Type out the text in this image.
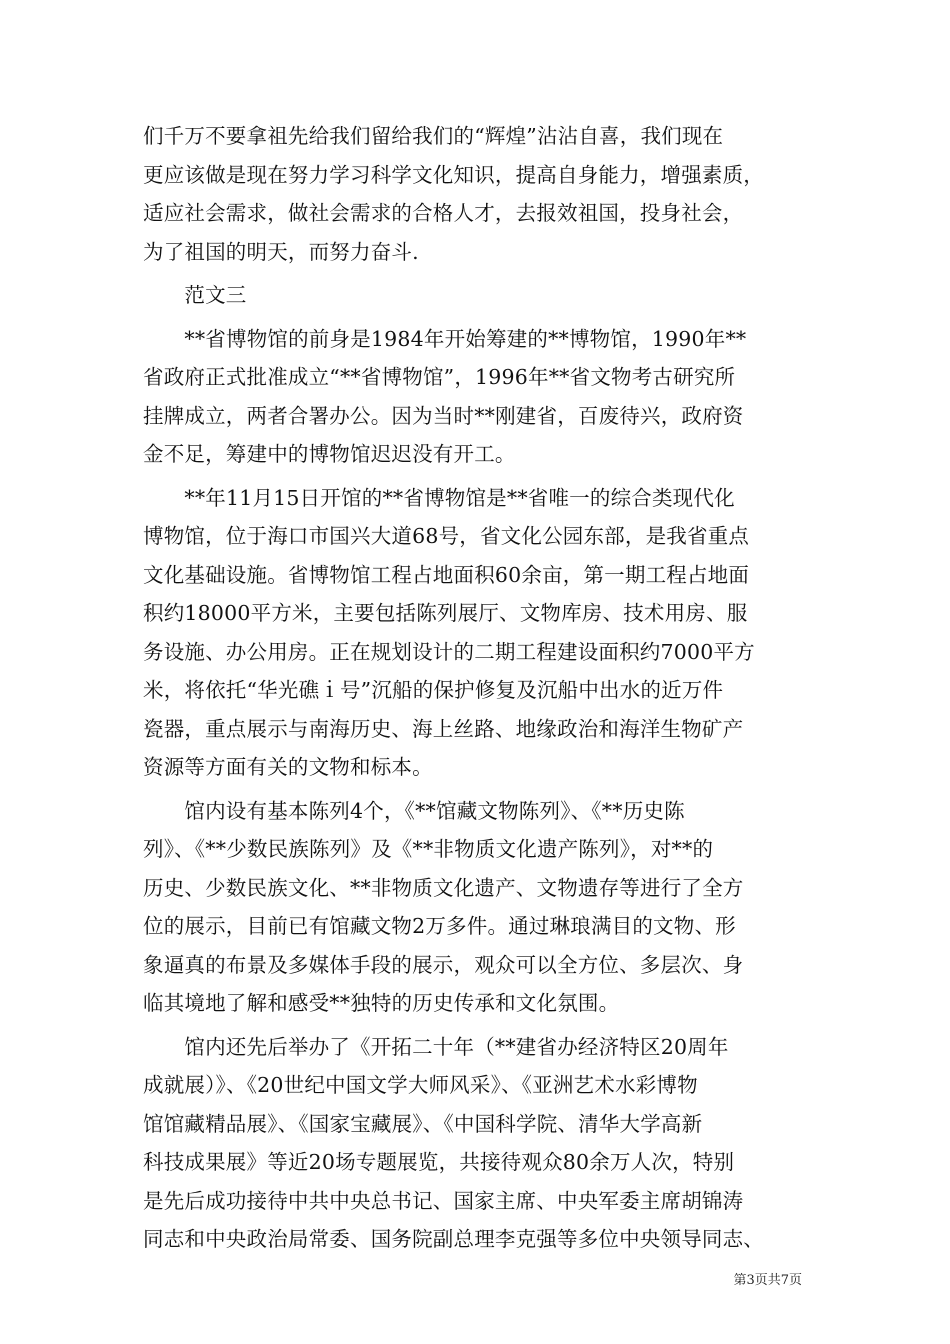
们千万不要拿祖先给我们留给我们的“辉煌”沾沾自喜，我们现在
更应该做是现在努力学习科学文化知识，提高自身能力，增强素质，
适应社会需求，做社会需求的合格人才，去报效祖国，投身社会，
为了祖国的明天，而努力奋斗.
　　范文三
　　**省博物馆的前身是1984年开始筹建的**博物馆，1990年**
省政府正式批准成立“**省博物馆”，1996年**省文物考古研究所
挂牌成立，两者合署办公。因为当时**刚建省，百废待兴，政府资
金不足，筹建中的博物馆迟迟没有开工。
　　**年11月15日开馆的**省博物馆是**省唯一的综合类现代化
博物馆，位于海口市国兴大道68号，省文化公园东部，是我省重点
文化基础设施。省博物馆工程占地面积60余亩，第一期工程占地面
积约18000平方米，主要包括陈列展厅、文物库房、技术用房、服
务设施、办公用房。正在规划设计的二期工程建设面积约7000平方
米，将依托“华光礁ｉ号”沉船的保护修复及沉船中出水的近万件
瓷器，重点展示与南海历史、海上丝路、地缘政治和海洋生物矿产
资源等方面有关的文物和标本。
　　馆内设有基本陈列4个，《**馆藏文物陈列》、《**历史陈
列》、《**少数民族陈列》及《**非物质文化遗产陈列》，对**的
历史、少数民族文化、**非物质文化遗产、文物遗存等进行了全方
位的展示，目前已有馆藏文物2万多件。通过琳琅满目的文物、形
象逼真的布景及多媒体手段的展示，观众可以全方位、多层次、身
临其境地了解和感受**独特的历史传承和文化氛围。
　　馆内还先后举办了《开拓二十年（**建省办经济特区20周年
成就展）》、《20世纪中国文学大师风采》、《亚洲艺术水彩博物
馆馆藏精品展》、《国家宝藏展》、《中国科学院、清华大学高新
科技成果展》等近20场专题展览，共接待观众80余万人次，特别
是先后成功接待中共中央总书记、国家主席、中央军委主席胡锦涛
同志和中央政治局常委、国务院副总理李克强等多位中央领导同志、
第3页共7页
